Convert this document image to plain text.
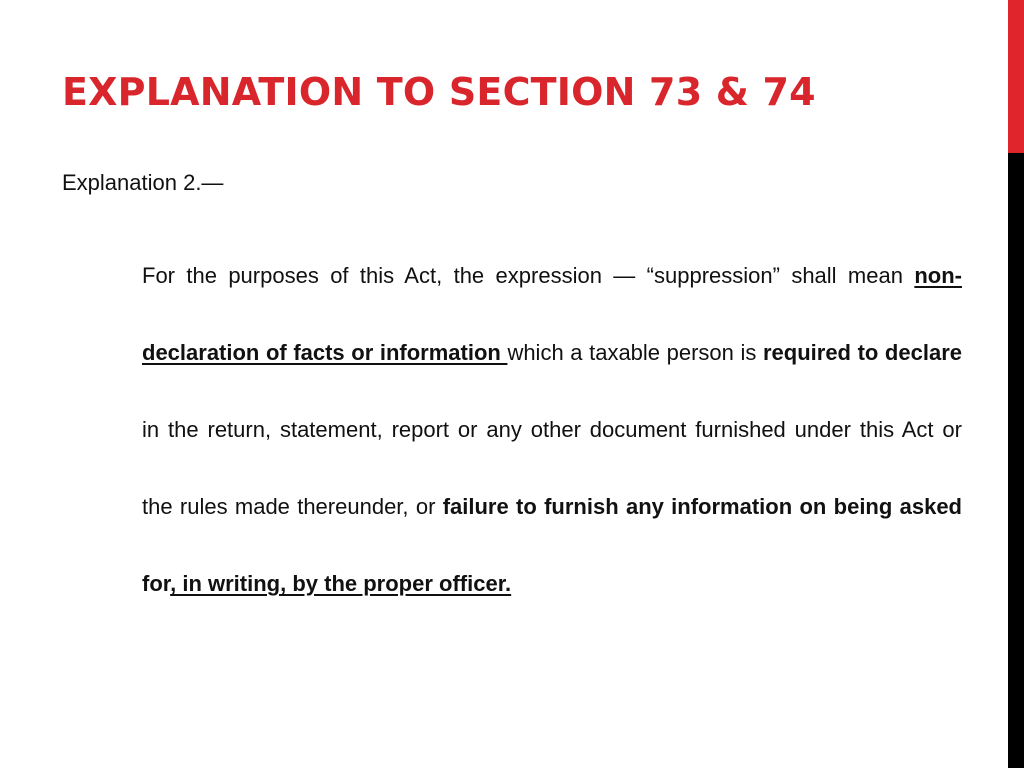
EXPLANATION TO SECTION 73 & 74

Explanation 2.—

For the purposes of this Act, the expression — “suppression” shall mean non-declaration of facts or information which a taxable person is required to declare in the return, statement, report or any other document furnished under this Act or the rules made thereunder, or failure to furnish any information on being asked for, in writing, by the proper officer.
